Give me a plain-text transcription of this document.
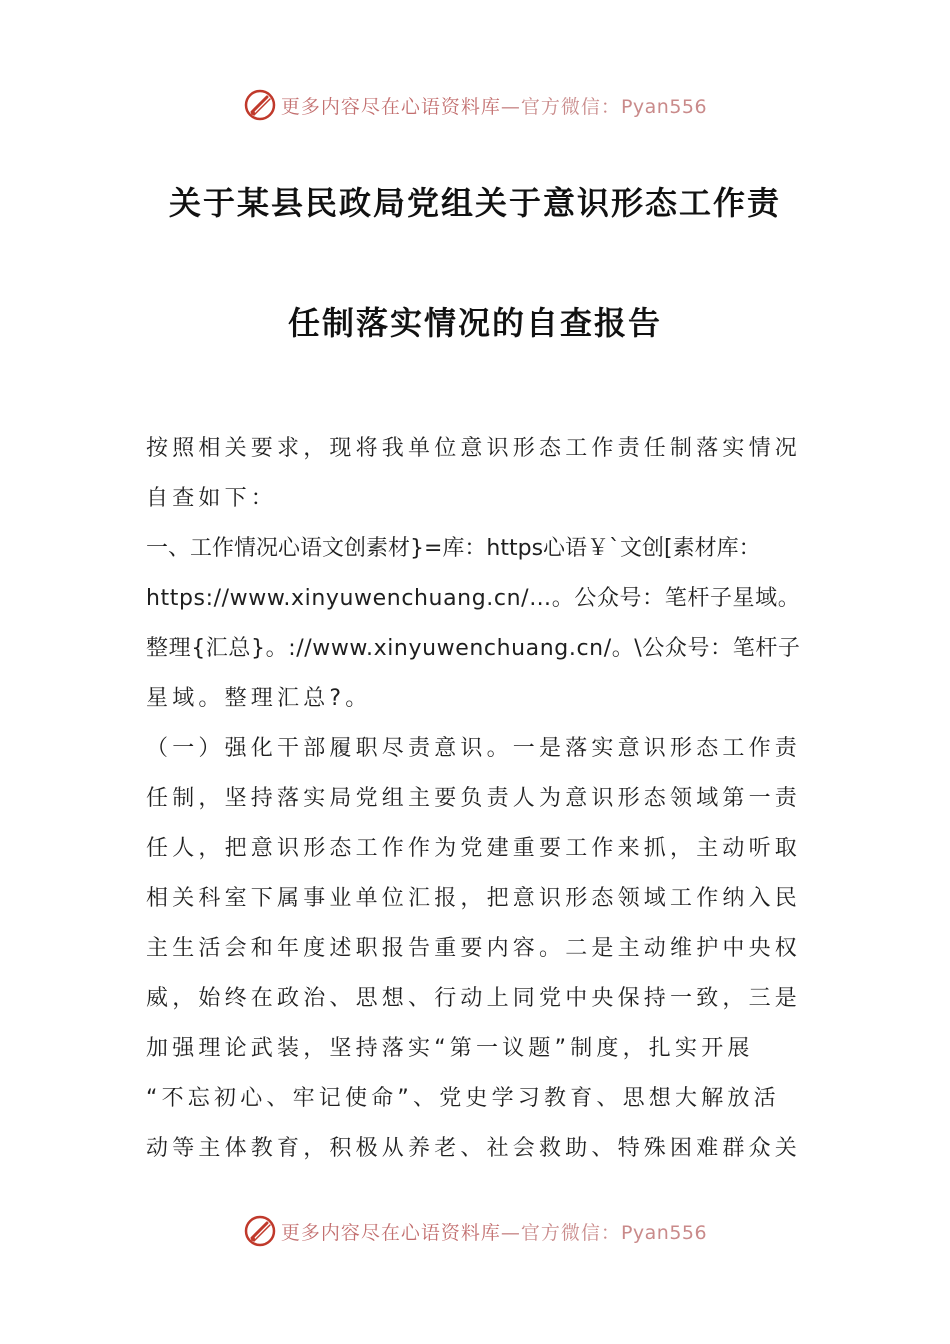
更多内容尽在心语资料库—官方微信：Pyan556
关于某县民政局党组关于意识形态工作责
任制落实情况的自查报告
按照相关要求，现将我单位意识形态工作责任制落实情况
自查如下：
一、工作情况心语文创素材}=库：https心语￥`文创[素材库：
https://www.xinyuwenchuang.cn/…。公众号：笔杆子星域。
整理{汇总}。://www.xinyuwenchuang.cn/。\公众号：笔杆子
星域。整理汇总?。
（一）强化干部履职尽责意识。一是落实意识形态工作责
任制，坚持落实局党组主要负责人为意识形态领域第一责
任人，把意识形态工作作为党建重要工作来抓，主动听取
相关科室下属事业单位汇报，把意识形态领域工作纳入民
主生活会和年度述职报告重要内容。二是主动维护中央权
威，始终在政治、思想、行动上同党中央保持一致，三是
加强理论武装，坚持落实“第一议题”制度，扎实开展
“不忘初心、牢记使命”、党史学习教育、思想大解放活
动等主体教育，积极从养老、社会救助、特殊困难群众关
更多内容尽在心语资料库—官方微信：Pyan556
